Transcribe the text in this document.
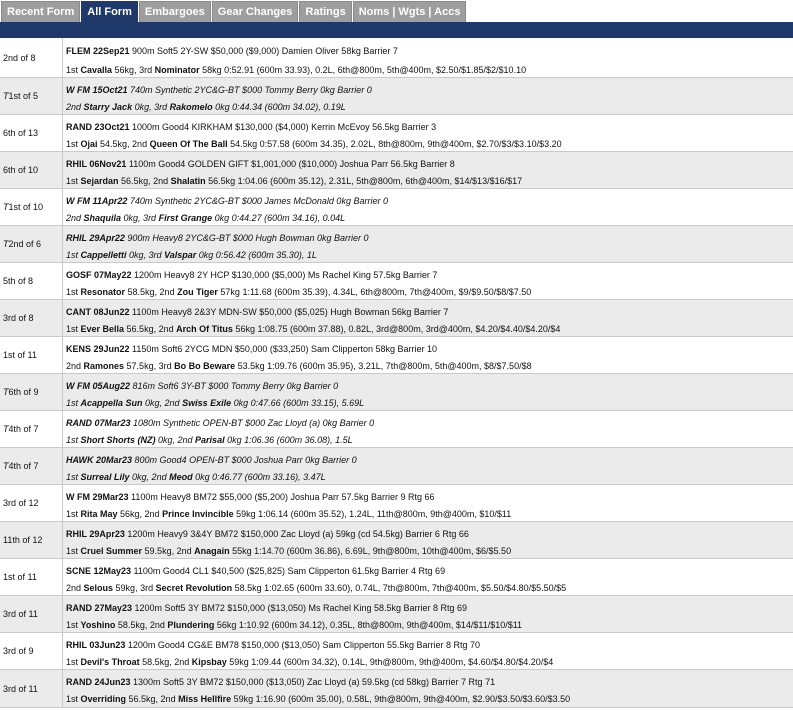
Recent Form	All Form	Embargoes	Gear Changes	Ratings	Noms | Wgts | Accs
2nd of 8
FLEM 22Sep21 900m Soft5 2Y-SW $50,000 ($9,000) Damien Oliver 58kg Barrier 7
1st Cavalla 56kg, 3rd Nominator 58kg 0:52.91 (600m 33.93), 0.2L, 6th@800m, 5th@400m, $2.50/$1.85/$2/$10.10
T 1st of 5
W FM 15Oct21 740m Synthetic 2YC&G-BT $000 Tommy Berry 0kg Barrier 0
2nd Starry Jack 0kg, 3rd Rakomelo 0kg 0:44.34 (600m 34.02), 0.19L
6th of 13
RAND 23Oct21 1000m Good4 KIRKHAM $130,000 ($4,000) Kerrin McEvoy 56.5kg Barrier 3
1st Ojai 54.5kg, 2nd Queen Of The Ball 54.5kg 0:57.58 (600m 34.35), 2.02L, 8th@800m, 9th@400m, $2.70/$3/$3.10/$3.20
6th of 10
RHIL 06Nov21 1100m Good4 GOLDEN GIFT $1,001,000 ($10,000) Joshua Parr 56.5kg Barrier 8
1st Sejardan 56.5kg, 2nd Shalatin 56.5kg 1:04.06 (600m 35.12), 2.31L, 5th@800m, 6th@400m, $14/$13/$16/$17
T 1st of 10
W FM 11Apr22 740m Synthetic 2YC&G-BT $000 James McDonald 0kg Barrier 0
2nd Shaquila 0kg, 3rd First Grange 0kg 0:44.27 (600m 34.16), 0.04L
T 2nd of 6
RHIL 29Apr22 900m Heavy8 2YC&G-BT $000 Hugh Bowman 0kg Barrier 0
1st Cappelletti 0kg, 3rd Valspar 0kg 0:56.42 (600m 35.30), 1L
5th of 8
GOSF 07May22 1200m Heavy8 2Y HCP $130,000 ($5,000) Ms Rachel King 57.5kg Barrier 7
1st Resonator 58.5kg, 2nd Zou Tiger 57kg 1:11.68 (600m 35.39), 4.34L, 6th@800m, 7th@400m, $9/$9.50/$8/$7.50
3rd of 8
CANT 08Jun22 1100m Heavy8 2&3Y MDN-SW $50,000 ($5,025) Hugh Bowman 56kg Barrier 7
1st Ever Bella 56.5kg, 2nd Arch Of Titus 56kg 1:08.75 (600m 37.88), 0.82L, 3rd@800m, 3rd@400m, $4.20/$4.40/$4.20/$4
1st of 11
KENS 29Jun22 1150m Soft6 2YCG MDN $50,000 ($33,250) Sam Clipperton 58kg Barrier 10
2nd Ramones 57.5kg, 3rd Bo Bo Beware 53.5kg 1:09.76 (600m 35.95), 3.21L, 7th@800m, 5th@400m, $8/$7.50/$8
T 6th of 9
W FM 05Aug22 816m Soft6 3Y-BT $000 Tommy Berry 0kg Barrier 0
1st Acappella Sun 0kg, 2nd Swiss Exile 0kg 0:47.66 (600m 33.15), 5.69L
T 4th of 7
RAND 07Mar23 1080m Synthetic OPEN-BT $000 Zac Lloyd (a) 0kg Barrier 0
1st Short Shorts (NZ) 0kg, 2nd Parisal 0kg 1:06.36 (600m 36.08), 1.5L
T 4th of 7
HAWK 20Mar23 800m Good4 OPEN-BT $000 Joshua Parr 0kg Barrier 0
1st Surreal Lily 0kg, 2nd Meod 0kg 0:46.77 (600m 33.16), 3.47L
3rd of 12
W FM 29Mar23 1100m Heavy8 BM72 $55,000 ($5,200) Joshua Parr 57.5kg Barrier 9 Rtg 66
1st Rita May 56kg, 2nd Prince Invincible 59kg 1:06.14 (600m 35.52), 1.24L, 11th@800m, 9th@400m, $10/$11
11th of 12
RHIL 29Apr23 1200m Heavy9 3&4Y BM72 $150,000 Zac Lloyd (a) 59kg (cd 54.5kg) Barrier 6 Rtg 66
1st Cruel Summer 59.5kg, 2nd Anagain 55kg 1:14.70 (600m 36.86), 6.69L, 9th@800m, 10th@400m, $6/$5.50
1st of 11
SCNE 12May23 1100m Good4 CL1 $40,500 ($25,825) Sam Clipperton 61.5kg Barrier 4 Rtg 69
2nd Selous 59kg, 3rd Secret Revolution 58.5kg 1:02.65 (600m 33.60), 0.74L, 7th@800m, 7th@400m, $5.50/$4.80/$5.50/$5
3rd of 11
RAND 27May23 1200m Soft5 3Y BM72 $150,000 ($13,050) Ms Rachel King 58.5kg Barrier 8 Rtg 69
1st Yoshino 58.5kg, 2nd Plundering 56kg 1:10.92 (600m 34.12), 0.35L, 8th@800m, 9th@400m, $14/$11/$10/$11
3rd of 9
RHIL 03Jun23 1200m Good4 CG&E BM78 $150,000 ($13,050) Sam Clipperton 55.5kg Barrier 8 Rtg 70
1st Devil's Throat 58.5kg, 2nd Kipsbay 59kg 1:09.44 (600m 34.32), 0.14L, 9th@800m, 9th@400m, $4.60/$4.80/$4.20/$4
3rd of 11
RAND 24Jun23 1300m Soft5 3Y BM72 $150,000 ($13,050) Zac Lloyd (a) 59.5kg (cd 58kg) Barrier 7 Rtg 71
1st Overriding 56.5kg, 2nd Miss Hellfire 59kg 1:16.90 (600m 35.00), 0.58L, 9th@800m, 9th@400m, $2.90/$3.50/$3.60/$3.50
